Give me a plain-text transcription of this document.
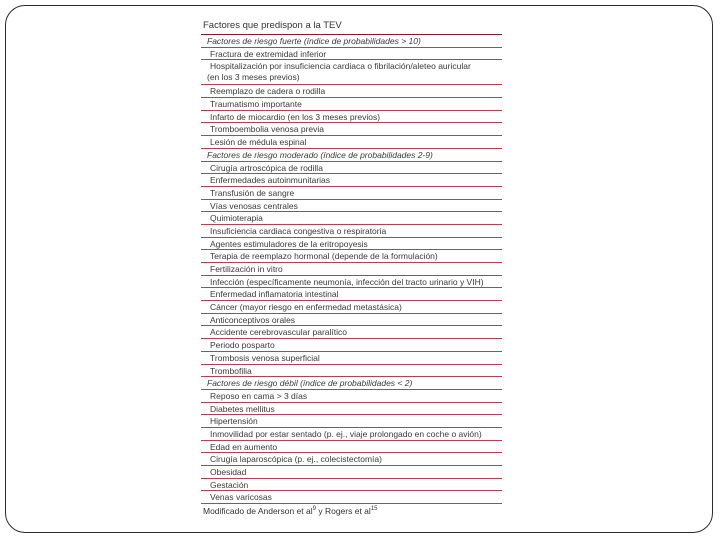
Factores que predispon a la TEV
Factores de riesgo fuerte (índice de probabilidades > 10)
Fractura de extremidad inferior
Hospitalización por insuficiencia cardiaca o fibrilación/aleteo auricular
(en los 3 meses previos)
Reemplazo de cadera o rodilla
Traumatismo importante
Infarto de miocardio (en los 3 meses previos)
Tromboembolia venosa previa
Lesión de médula espinal
Factores de riesgo moderado (índice de probabilidades 2-9)
Cirugía artroscópica de rodilla
Enfermedades autoinmunitarias
Transfusión de sangre
Vías venosas centrales
Quimioterapia
Insuficiencia cardiaca congestiva o respiratoria
Agentes estimuladores de la eritropoyesis
Terapia de reemplazo hormonal (depende de la formulación)
Fertilización in vitro
Infección (específicamente neumonía, infección del tracto urinario y VIH)
Enfermedad inflamatoria intestinal
Cáncer (mayor riesgo en enfermedad metastásica)
Anticonceptivos orales
Accidente cerebrovascular paralítico
Periodo posparto
Trombosis venosa superficial
Trombofilia
Factores de riesgo débil (índice de probabilidades < 2)
Reposo en cama > 3 días
Diabetes mellitus
Hipertensión
Inmovilidad por estar sentado (p. ej., viaje prolongado en coche o avión)
Edad en aumento
Cirugía laparoscópica (p. ej., colecistectomía)
Obesidad
Gestación
Venas varicosas
Modificado de Anderson et $al^9$ y Rogers et $al^{15}$
